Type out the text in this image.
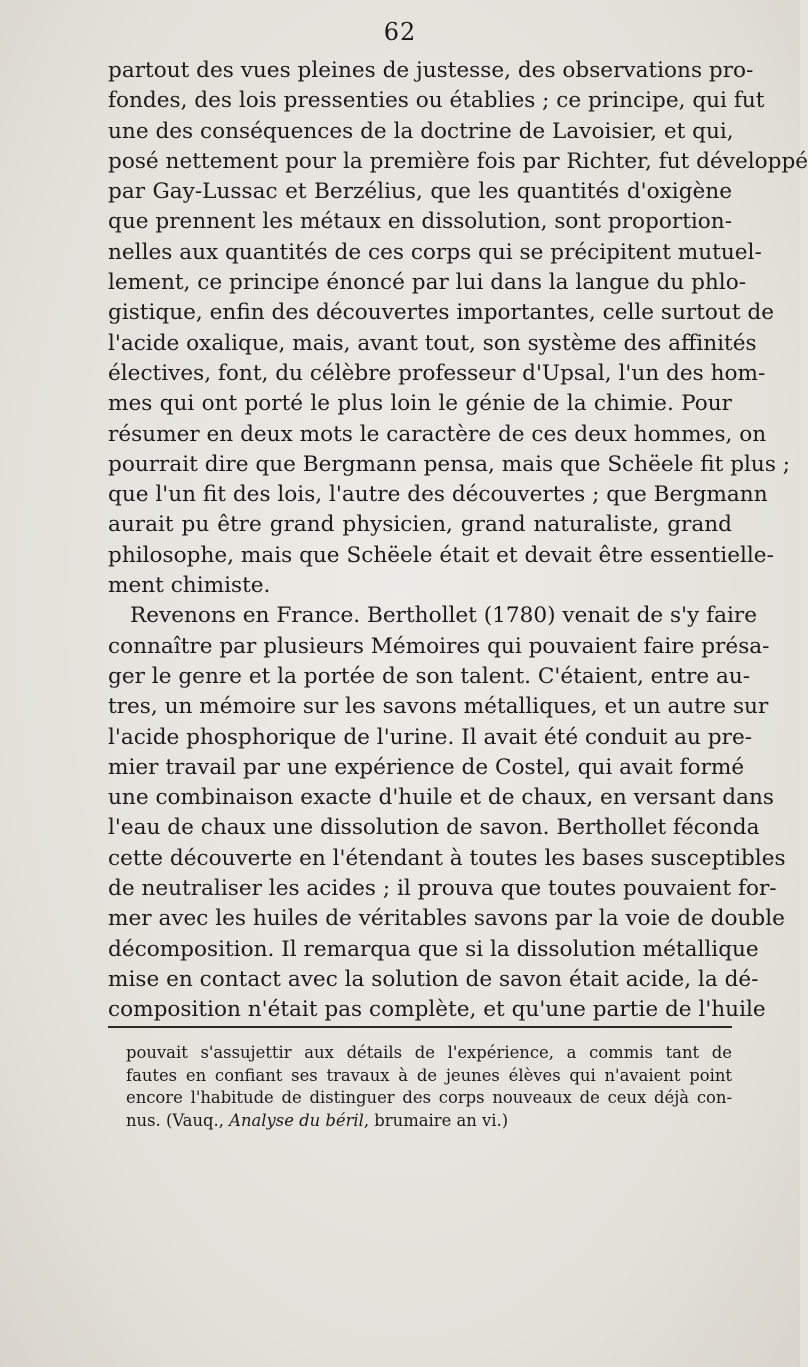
62
partout des vues pleines de justesse, des observations pro-
fondes, des lois pressenties ou établies ; ce principe, qui fut
une des conséquences de la doctrine de Lavoisier, et qui,
posé nettement pour la première fois par Richter, fut développé
par Gay-Lussac et Berzélius, que les quantités d'oxigène
que prennent les métaux en dissolution, sont proportion-
nelles aux quantités de ces corps qui se précipitent mutuel-
lement, ce principe énoncé par lui dans la langue du phlo-
gistique, enfin des découvertes importantes, celle surtout de
l'acide oxalique, mais, avant tout, son système des affinités
électives, font, du célèbre professeur d'Upsal, l'un des hom-
mes qui ont porté le plus loin le génie de la chimie. Pour
résumer en deux mots le caractère de ces deux hommes, on
pourrait dire que Bergmann pensa, mais que Schëele fit plus ;
que l'un fit des lois, l'autre des découvertes ; que Bergmann
aurait pu être grand physicien, grand naturaliste, grand
philosophe, mais que Schëele était et devait être essentielle-
ment chimiste.
Revenons en France. Berthollet (1780) venait de s'y faire
connaître par plusieurs Mémoires qui pouvaient faire présa-
ger le genre et la portée de son talent. C'étaient, entre au-
tres, un mémoire sur les savons métalliques, et un autre sur
l'acide phosphorique de l'urine. Il avait été conduit au pre-
mier travail par une expérience de Costel, qui avait formé
une combinaison exacte d'huile et de chaux, en versant dans
l'eau de chaux une dissolution de savon. Berthollet féconda
cette découverte en l'étendant à toutes les bases susceptibles
de neutraliser les acides ; il prouva que toutes pouvaient for-
mer avec les huiles de véritables savons par la voie de double
décomposition. Il remarqua que si la dissolution métallique
mise en contact avec la solution de savon était acide, la dé-
composition n'était pas complète, et qu'une partie de l'huile
pouvait s'assujettir aux détails de l'expérience, a commis tant de
fautes en confiant ses travaux à de jeunes élèves qui n'avaient point
encore l'habitude de distinguer des corps nouveaux de ceux déjà con-
nus. (Vauq., Analyse du béril, brumaire an vi.)
